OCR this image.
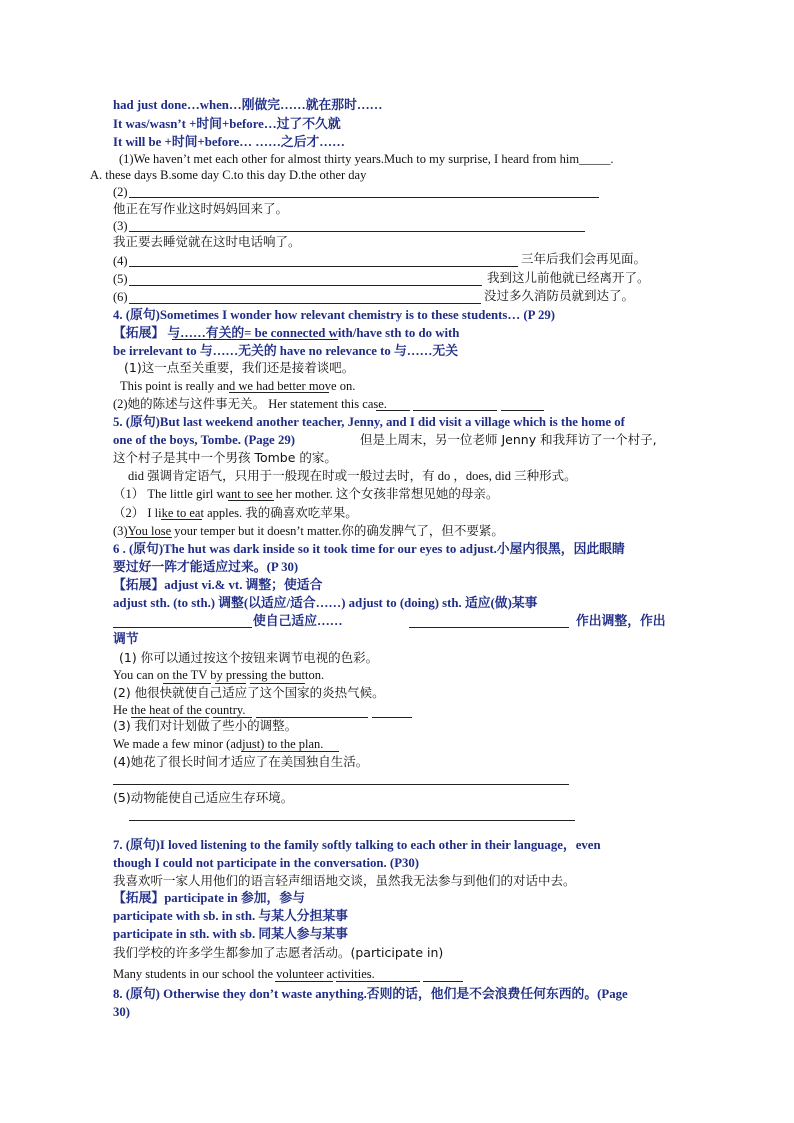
had just done…when…刚做完……就在那时……
It was/wasn’t +时间+before…过了不久就
It will be +时间+before… ……之后才……
(1)We haven’t met each other for almost thirty years.Much to my surprise, I heard from him_____.
A. these days B.some day C.to this day D.the other day
(2)
他正在写作业这时妈妈回来了。
(3)
我正要去睡觉就在这时电话响了。
(4)	三年后我们会再见面。
(5)	我到这儿前他就已经离开了。
(6)	没过多久消防员就到达了。
4. (原句)Sometimes I wonder how relevant chemistry is to these students… (P 29)
【拓展】 与……有关的= be connected with/have sth to do with
be irrelevant to 与……无关的 have no relevance to 与……无关
(1)这一点至关重要，我们还是接着谈吧。
This point is really and we had better move on.
(2)她的陈述与这件事无关。 Her statement this case.
5. (原句)But last weekend another teacher, Jenny, and I did visit a village which is the home of
one of the boys, Tombe. (Page 29)	但是上周末，另一位老师 Jenny 和我拜访了一个村子,
这个村子是其中一个男孩 Tombe 的家。
did 强调肯定语气，只用于一般现在时或一般过去时，有 do ，does, did 三种形式。
（1） The little girl want to see her mother. 这个女孩非常想见她的母亲。
（2） I like to eat apples. 我的确喜欢吃苹果。
(3)You lose your temper but it doesn’t matter.你的确发脾气了，但不要紧。
6 . (原句)The hut was dark inside so it took time for our eyes to adjust.小屋内很黑，因此眼睛
要过好一阵才能适应过来。(P 30)
【拓展】adjust vi.& vt. 调整；使适合
adjust sth. (to sth.) 调整(以适应/适合……) adjust to (doing) sth. 适应(做)某事
使自己适应……	作出调整，作出
调节
(1) 你可以通过按这个按钮来调节电视的色彩。
You can on the TV by pressing the button.
(2) 他很快就使自己适应了这个国家的炎热气候。
He the heat of the country.
(3) 我们对计划做了些小的调整。
We made a few minor (adjust) to the plan.
(4)她花了很长时间才适应了在美国独自生活。
(5)动物能使自己适应生存环境。
7. (原句)I loved listening to the family softly talking to each other in their language，even
though I could not participate in the conversation. (P30)
我喜欢听一家人用他们的语言轻声细语地交谈，虽然我无法参与到他们的对话中去。
【拓展】participate in 参加，参与
participate with sb. in sth. 与某人分担某事
participate in sth. with sb. 同某人参与某事
我们学校的许多学生都参加了志愿者活动。(participate in)
Many students in our school the volunteer activities.
8. (原句) Otherwise they don’t waste anything.否则的话，他们是不会浪费任何东西的。(Page
30)
